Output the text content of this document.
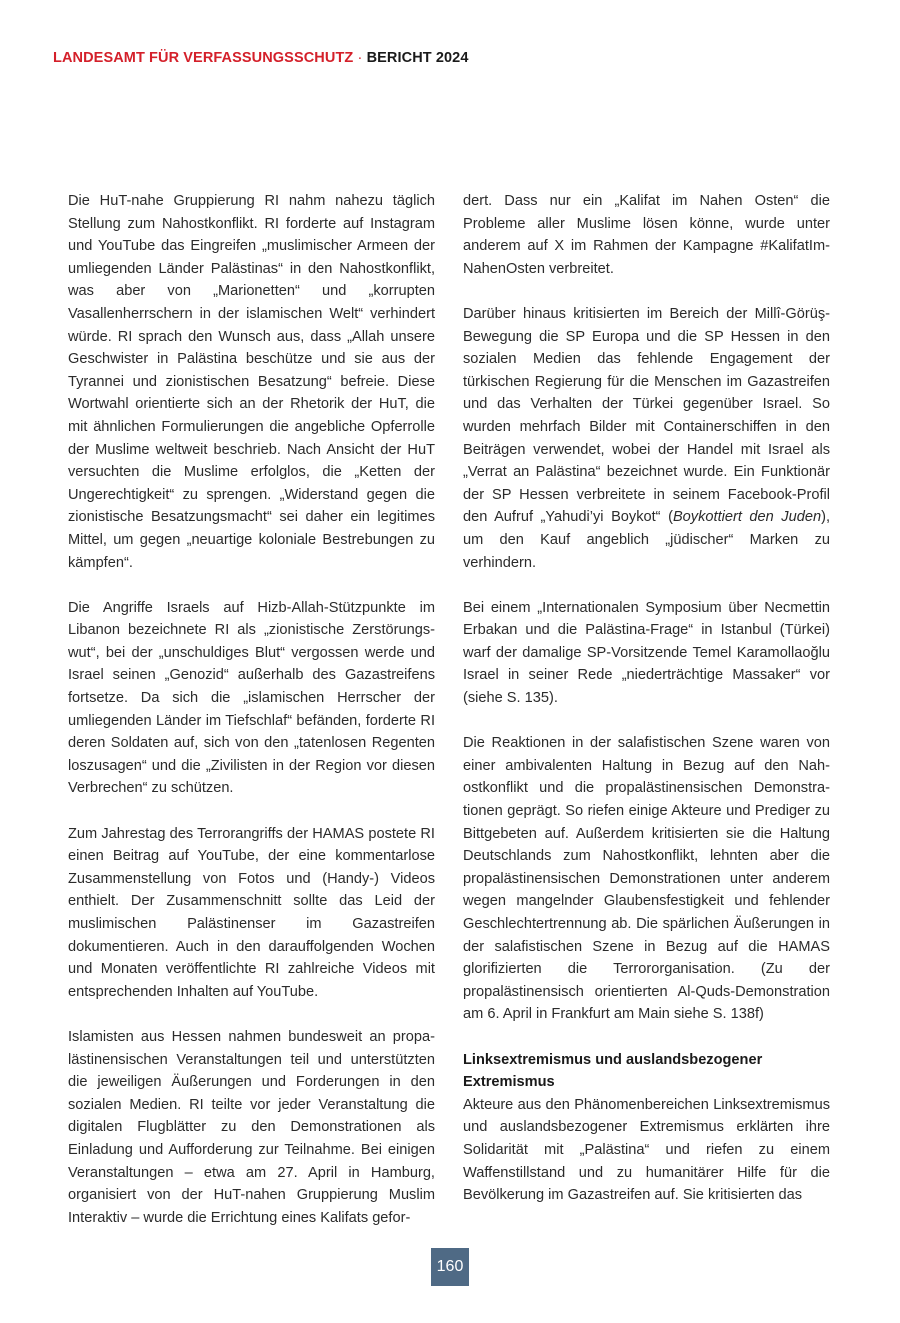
LANDESAMT FÜR VERFASSUNGSSCHUTZ · BERICHT 2024

Die HuT-nahe Gruppierung RI nahm nahezu täglich Stellung zum Nahostkonflikt. RI forderte auf Instagram und YouTube das Eingreifen „muslimischer Armeen der umliegenden Länder Palästinas“ in den Nahostkonflikt, was aber von „Marionetten“ und „korrupten Vasallenherrschern in der islamischen Welt“ verhindert würde. RI sprach den Wunsch aus, dass „Allah unsere Geschwister in Palästina beschütze und sie aus der Tyrannei und zionistischen Besatzung“ befreie. Diese Wortwahl orientierte sich an der Rhetorik der HuT, die mit ähnlichen Formulierungen die angebliche Opferrolle der Muslime weltweit beschrieb. Nach Ansicht der HuT versuchten die Muslime erfolglos, die „Ketten der Ungerechtigkeit“ zu sprengen. „Widerstand gegen die zionistische Besatzungsmacht“ sei daher ein legitimes Mittel, um gegen „neuartige koloniale Bestrebungen zu kämpfen“.

Die Angriffe Israels auf Hizb-Allah-Stützpunkte im Libanon bezeichnete RI als „zionistische Zerstörungswut“, bei der „unschuldiges Blut“ vergossen werde und Israel seinen „Genozid“ außerhalb des Gazastreifens fortsetze. Da sich die „islamischen Herrscher der umliegenden Länder im Tiefschlaf“ befänden, forderte RI deren Soldaten auf, sich von den „tatenlosen Regenten loszusagen“ und die „Zivilisten in der Region vor diesen Verbrechen“ zu schützen.

Zum Jahrestag des Terrorangriffs der HAMAS postete RI einen Beitrag auf YouTube, der eine kommentarlose Zusammenstellung von Fotos und (Handy-) Videos enthielt. Der Zusammenschnitt sollte das Leid der muslimischen Palästinenser im Gazastreifen dokumentieren. Auch in den darauffolgenden Wochen und Monaten veröffentlichte RI zahlreiche Videos mit entsprechenden Inhalten auf YouTube.

Islamisten aus Hessen nahmen bundesweit an propalästinensischen Veranstaltungen teil und unterstützten die jeweiligen Äußerungen und Forderungen in den sozialen Medien. RI teilte vor jeder Veranstaltung die digitalen Flugblätter zu den Demonstrationen als Einladung und Aufforderung zur Teilnahme. Bei einigen Veranstaltungen – etwa am 27. April in Hamburg, organisiert von der HuT-nahen Gruppierung Muslim Interaktiv – wurde die Errichtung eines Kalifats gefor-

dert. Dass nur ein „Kalifat im Nahen Osten“ die Probleme aller Muslime lösen könne, wurde unter anderem auf X im Rahmen der Kampagne #KalifatImNahenOsten verbreitet.

Darüber hinaus kritisierten im Bereich der Millî-Görüş-Bewegung die SP Europa und die SP Hessen in den sozialen Medien das fehlende Engagement der türkischen Regierung für die Menschen im Gazastreifen und das Verhalten der Türkei gegenüber Israel. So wurden mehrfach Bilder mit Containerschiffen in den Beiträgen verwendet, wobei der Handel mit Israel als „Verrat an Palästina“ bezeichnet wurde. Ein Funktionär der SP Hessen verbreitete in seinem Facebook-Profil den Aufruf „Yahudi’yi Boykot“ (Boykottiert den Juden), um den Kauf angeblich „jüdischer“ Marken zu verhindern.

Bei einem „Internationalen Symposium über Necmettin Erbakan und die Palästina-Frage“ in Istanbul (Türkei) warf der damalige SP-Vorsitzende Temel Karamollaoğlu Israel in seiner Rede „niederträchtige Massaker“ vor (siehe S. 135).

Die Reaktionen in der salafistischen Szene waren von einer ambivalenten Haltung in Bezug auf den Nahostkonflikt und die propalästinensischen Demonstrationen geprägt. So riefen einige Akteure und Prediger zu Bittgebeten auf. Außerdem kritisierten sie die Haltung Deutschlands zum Nahostkonflikt, lehnten aber die propalästinensischen Demonstrationen unter anderem wegen mangelnder Glaubensfestigkeit und fehlender Geschlechtertrennung ab. Die spärlichen Äußerungen in der salafistischen Szene in Bezug auf die HAMAS glorifizierten die Terrororganisation. (Zu der propalästinensisch orientierten Al-Quds-Demonstration am 6. April in Frankfurt am Main siehe S. 138f)

Linksextremismus und auslandsbezogener Extremismus

Akteure aus den Phänomenbereichen Linksextremismus und auslandsbezogener Extremismus erklärten ihre Solidarität mit „Palästina“ und riefen zu einem Waffenstillstand und zu humanitärer Hilfe für die Bevölkerung im Gazastreifen auf. Sie kritisierten das

160
